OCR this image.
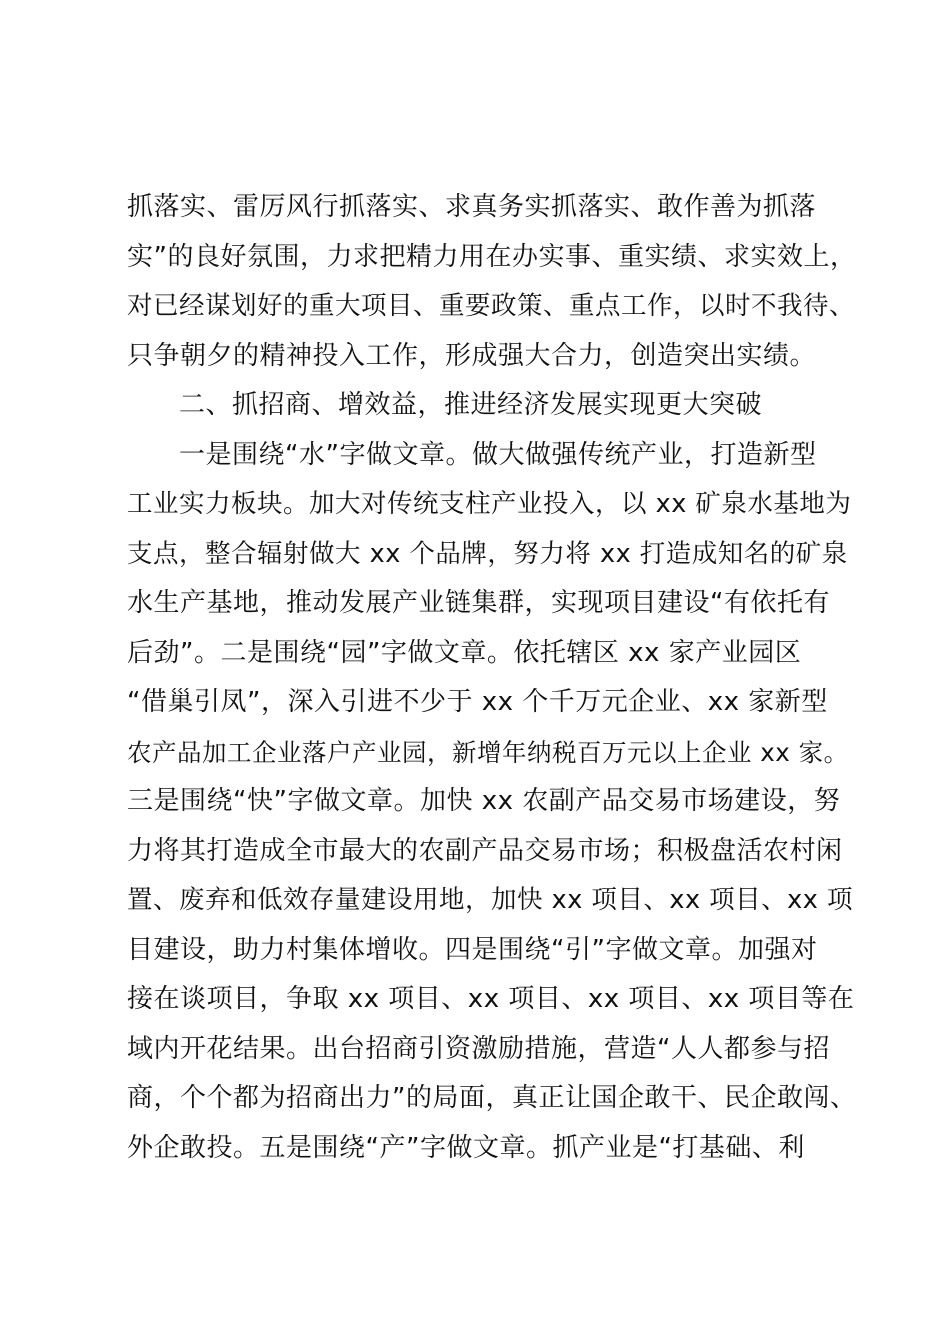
抓落实、雷厉风行抓落实、求真务实抓落实、敢作善为抓落
实”的良好氛围，力求把精力用在办实事、重实绩、求实效上，
对已经谋划好的重大项目、重要政策、重点工作，以时不我待、
只争朝夕的精神投入工作，形成强大合力，创造突出实绩。
二、抓招商、增效益，推进经济发展实现更大突破
一是围绕“水”字做文章。做大做强传统产业，打造新型
工业实力板块。加大对传统支柱产业投入，以 xx 矿泉水基地为
支点，整合辐射做大 xx 个品牌，努力将 xx 打造成知名的矿泉
水生产基地，推动发展产业链集群，实现项目建设“有依托有
后劲”。二是围绕“园”字做文章。依托辖区 xx 家产业园区
“借巢引凤”，深入引进不少于 xx 个千万元企业、xx 家新型
农产品加工企业落户产业园，新增年纳税百万元以上企业 xx 家。
三是围绕“快”字做文章。加快 xx 农副产品交易市场建设，努
力将其打造成全市最大的农副产品交易市场；积极盘活农村闲
置、废弃和低效存量建设用地，加快 xx 项目、xx 项目、xx 项
目建设，助力村集体增收。四是围绕“引”字做文章。加强对
接在谈项目，争取 xx 项目、xx 项目、xx 项目、xx 项目等在
域内开花结果。出台招商引资激励措施，营造“人人都参与招
商，个个都为招商出力”的局面，真正让国企敢干、民企敢闯、
外企敢投。五是围绕“产”字做文章。抓产业是“打基础、利
